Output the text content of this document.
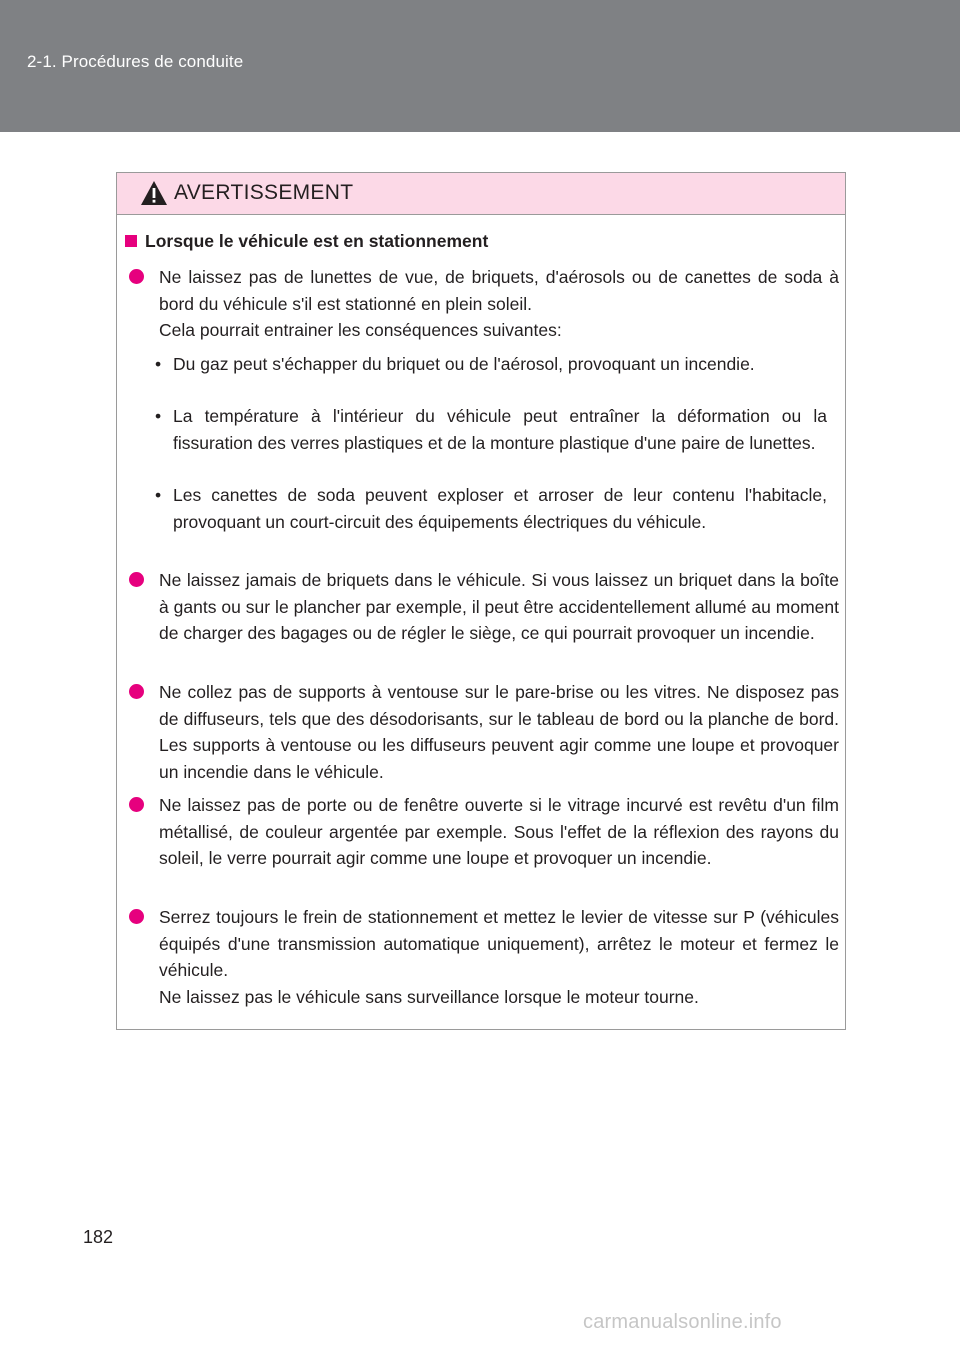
2-1. Procédures de conduite
AVERTISSEMENT
Lorsque le véhicule est en stationnement

Ne laissez pas de lunettes de vue, de briquets, d'aérosols ou de canettes de soda à bord du véhicule s'il est stationné en plein soleil.

Cela pourrait entrainer les conséquences suivantes:

• Du gaz peut s'échapper du briquet ou de l'aérosol, provoquant un incendie.
• La température à l'intérieur du véhicule peut entraîner la déformation ou la fissuration des verres plastiques et de la monture plastique d'une paire de lunettes.
• Les canettes de soda peuvent exploser et arroser de leur contenu l'habitacle, provoquant un court-circuit des équipements électriques du véhicule.

Ne laissez jamais de briquets dans le véhicule. Si vous laissez un briquet dans la boîte à gants ou sur le plancher par exemple, il peut être accidentellement allumé au moment de charger des bagages ou de régler le siège, ce qui pourrait provoquer un incendie.

Ne collez pas de supports à ventouse sur le pare-brise ou les vitres. Ne disposez pas de diffuseurs, tels que des désodorisants, sur le tableau de bord ou la planche de bord. Les supports à ventouse ou les diffuseurs peuvent agir comme une loupe et provoquer un incendie dans le véhicule.

Ne laissez pas de porte ou de fenêtre ouverte si le vitrage incurvé est revêtu d'un film métallisé, de couleur argentée par exemple. Sous l'effet de la réflexion des rayons du soleil, le verre pourrait agir comme une loupe et provoquer un incendie.

Serrez toujours le frein de stationnement et mettez le levier de vitesse sur P (véhicules équipés d'une transmission automatique uniquement), arrêtez le moteur et fermez le véhicule.

Ne laissez pas le véhicule sans surveillance lorsque le moteur tourne.

182
carmanualsonline.info
